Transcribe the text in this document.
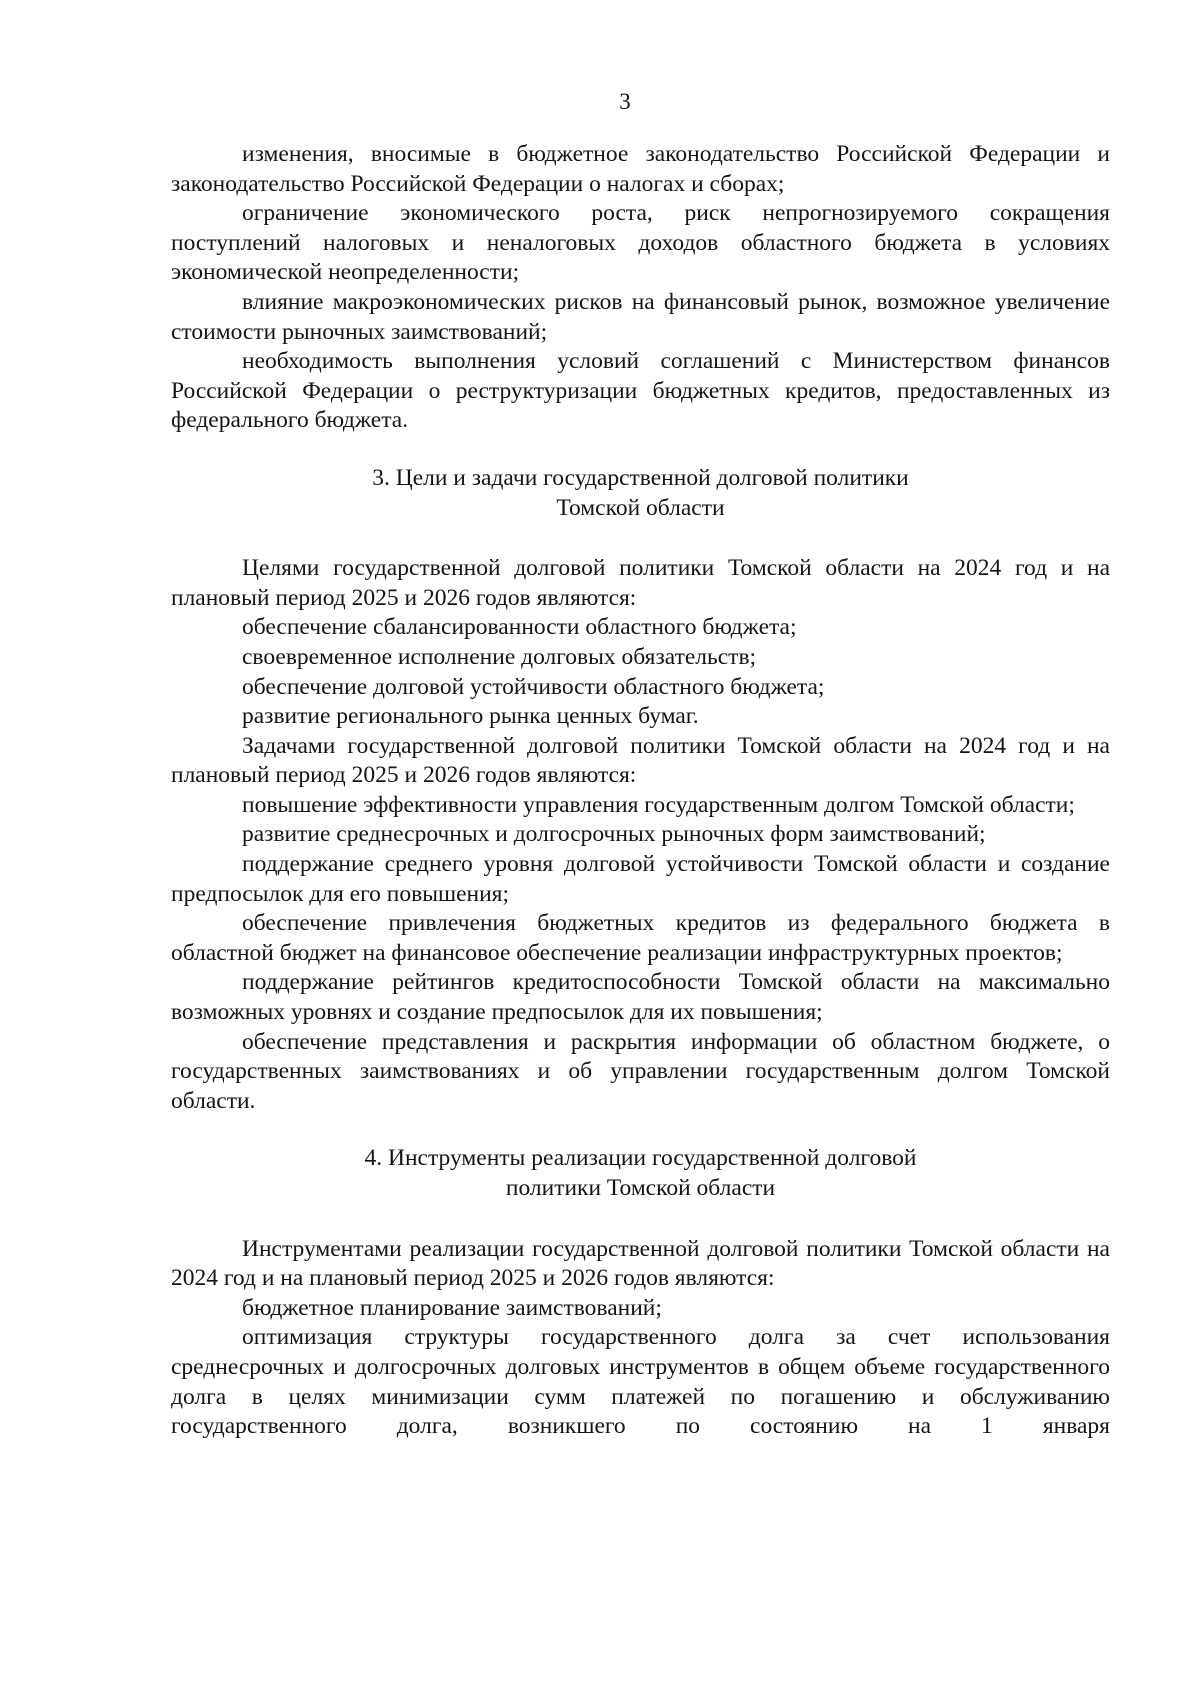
3

изменения, вносимые в бюджетное законодательство Российской Федерации и законодательство Российской Федерации о налогах и сборах;

ограничение экономического роста, риск непрогнозируемого сокращения поступлений налоговых и неналоговых доходов областного бюджета в условиях экономической неопределенности;

влияние макроэкономических рисков на финансовый рынок, возможное увеличение стоимости рыночных заимствований;

необходимость выполнения условий соглашений с Министерством финансов Российской Федерации о реструктуризации бюджетных кредитов, предоставленных из федерального бюджета.

3. Цели и задачи государственной долговой политики
Томской области

Целями государственной долговой политики Томской области на 2024 год и на плановый период 2025 и 2026 годов являются:

обеспечение сбалансированности областного бюджета;

своевременное исполнение долговых обязательств;

обеспечение долговой устойчивости областного бюджета;

развитие регионального рынка ценных бумаг.

Задачами государственной долговой политики Томской области на 2024 год и на плановый период 2025 и 2026 годов являются:

повышение эффективности управления государственным долгом Томской области;

развитие среднесрочных и долгосрочных рыночных форм заимствований;

поддержание среднего уровня долговой устойчивости Томской области и создание предпосылок для его повышения;

обеспечение привлечения бюджетных кредитов из федерального бюджета в областной бюджет на финансовое обеспечение реализации инфраструктурных проектов;

поддержание рейтингов кредитоспособности Томской области на максимально возможных уровнях и создание предпосылок для их повышения;

обеспечение представления и раскрытия информации об областном бюджете, о государственных заимствованиях и об управлении государственным долгом Томской области.

4. Инструменты реализации государственной долговой
политики Томской области

Инструментами реализации государственной долговой политики Томской области на 2024 год и на плановый период 2025 и 2026 годов являются:

бюджетное планирование заимствований;

оптимизация структуры государственного долга за счет использования среднесрочных и долгосрочных долговых инструментов в общем объеме государственного долга в целях минимизации сумм платежей по погашению и обслуживанию государственного долга, возникшего по состоянию на 1 января
